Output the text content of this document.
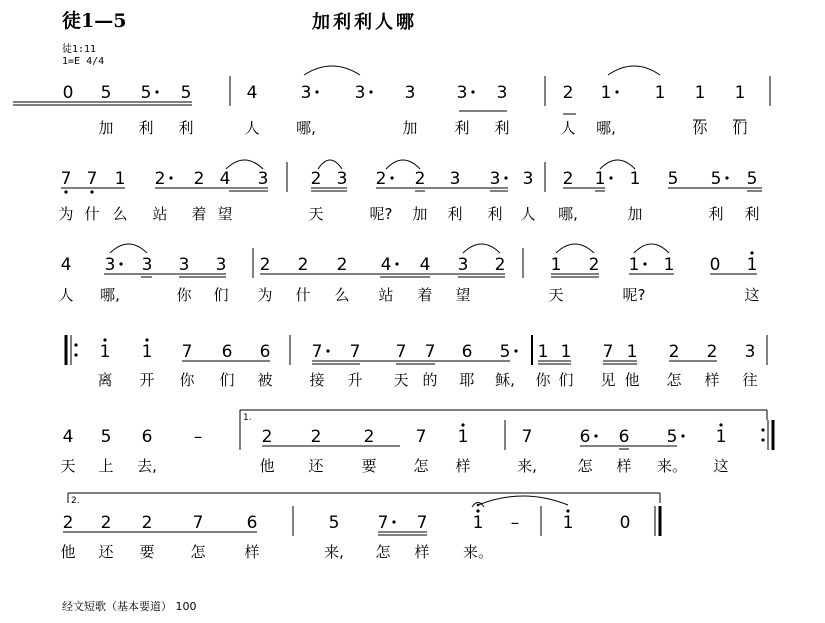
徒1—5	加利利人哪
徒1:11
1=E 4/4
经文短歌（基本要道） 100
0 5 5 5	4	3	3 3 3 3	2 1	1 1 1
加 利 利	人 哪,	加 利 利	人 哪,	你 们
7 7 1 2 2 4 3 2 3 2 2 3 3 3 2 1 1 5 5 5
为 什 么 站 着 望	天	呢? 加 利 利 人 哪,	加	利 利
4 3 3 3 3 2 2 2 4 4 3 2	1 2 1 1 0 1
人 哪,	你 们 为 什 么 站 着 望	天	呢?	这
1 1 7 6 6 7 7 7 7 6 5 1 1 7 1 2 2 3
离 开 你 们 被 接 升 天 的 耶 稣, 你 们 见 他 怎 样 往
4 5 6 –	2 2 2 7 1	7	6 6 5 1
天 上 去,	他 还	要 怎 样	来,	怎 样 来。 这
1.
2 2 2 7	6	5 7 7	1 –	1	0
他 还 要 怎	样	来, 怎 样 来。
2.
